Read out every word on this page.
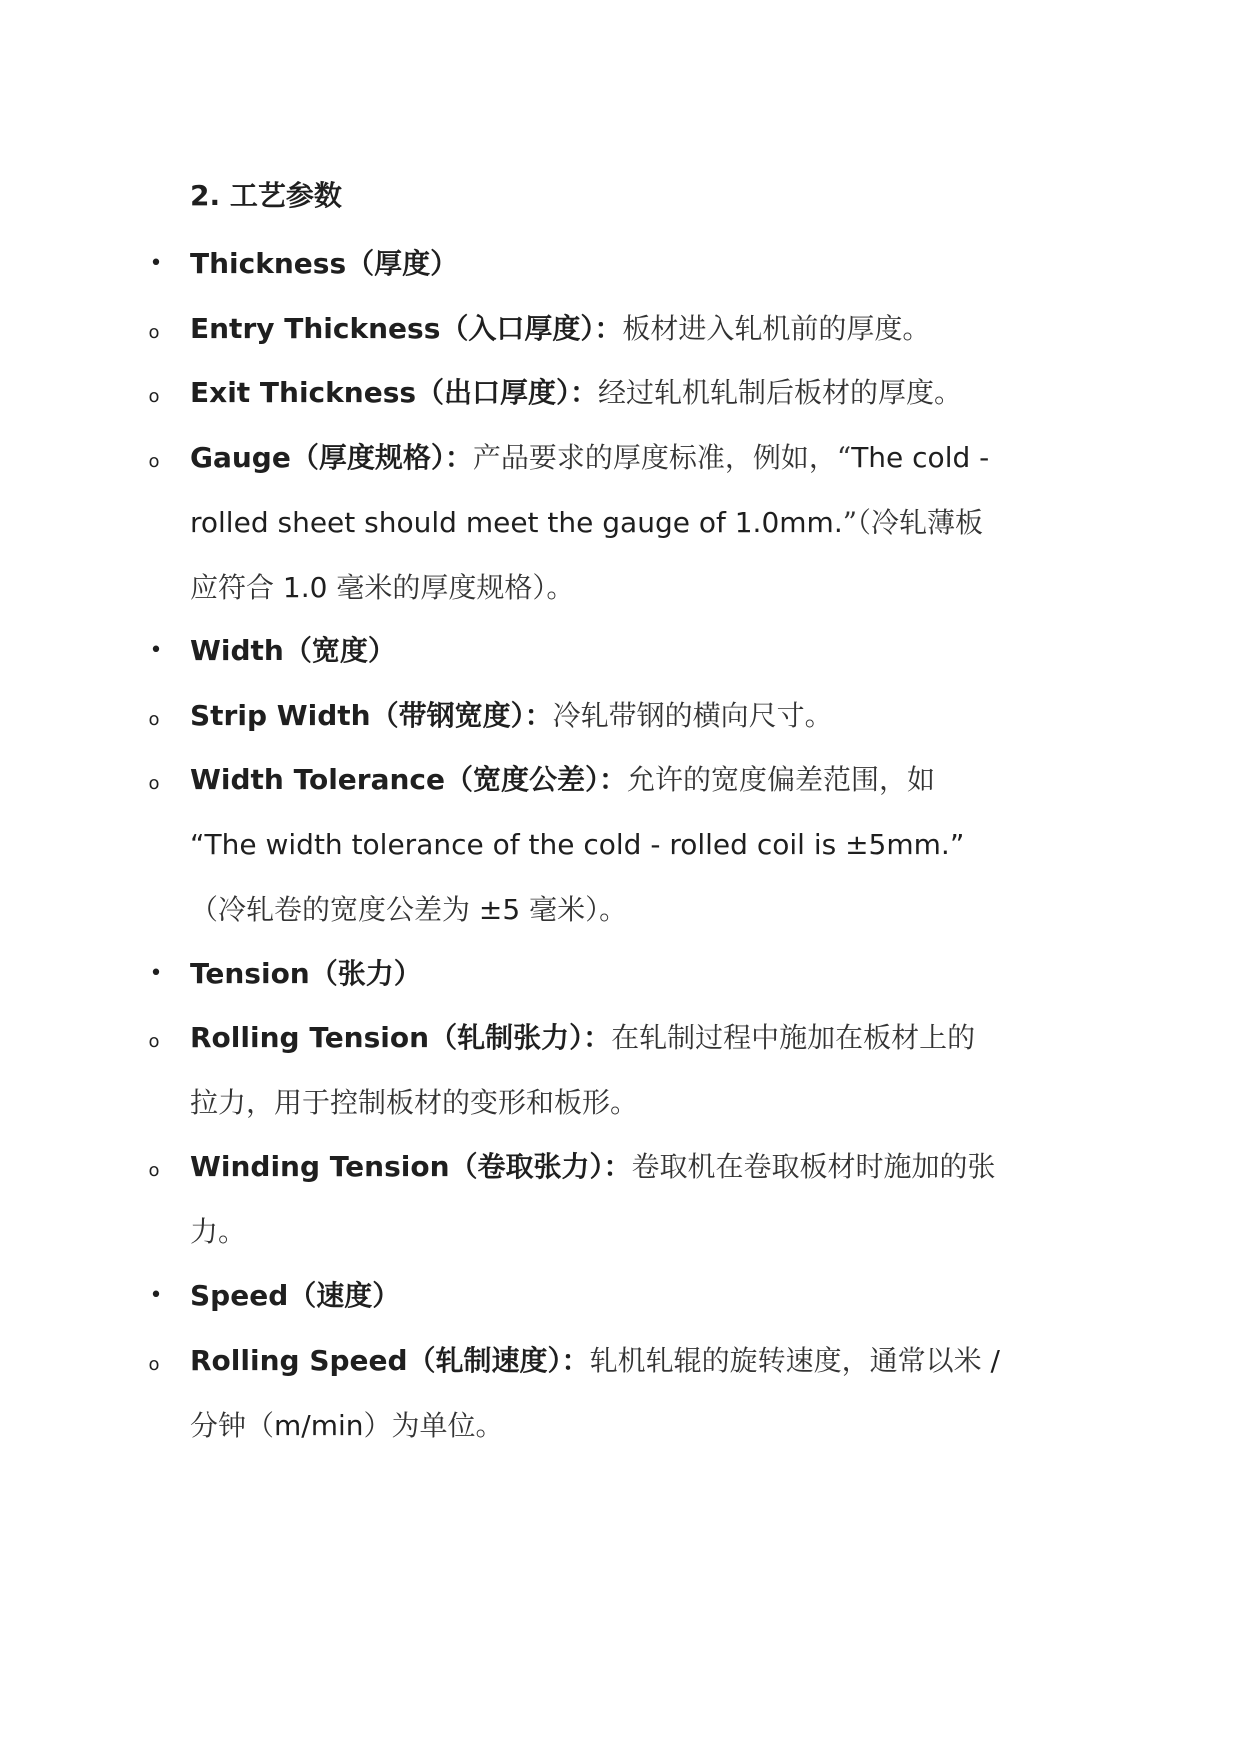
2. 工艺参数
• Thickness（厚度）
o Entry Thickness（入口厚度）：板材进入轧机前的厚度。
o Exit Thickness（出口厚度）：经过轧机轧制后板材的厚度。
o Gauge（厚度规格）：产品要求的厚度标准，例如，“The cold -
rolled sheet should meet the gauge of 1.0mm.”（冷轧薄板
应符合 1.0 毫米的厚度规格）。
• Width（宽度）
o Strip Width（带钢宽度）：冷轧带钢的横向尺寸。
o Width Tolerance（宽度公差）：允许的宽度偏差范围，如
“The width tolerance of the cold - rolled coil is ±5mm.”
（冷轧卷的宽度公差为 ±5 毫米）。
• Tension（张力）
o Rolling Tension（轧制张力）：在轧制过程中施加在板材上的
拉力，用于控制板材的变形和板形。
o Winding Tension（卷取张力）：卷取机在卷取板材时施加的张
力。
• Speed（速度）
o Rolling Speed（轧制速度）：轧机轧辊的旋转速度，通常以米 /
分钟（m/min）为单位。
